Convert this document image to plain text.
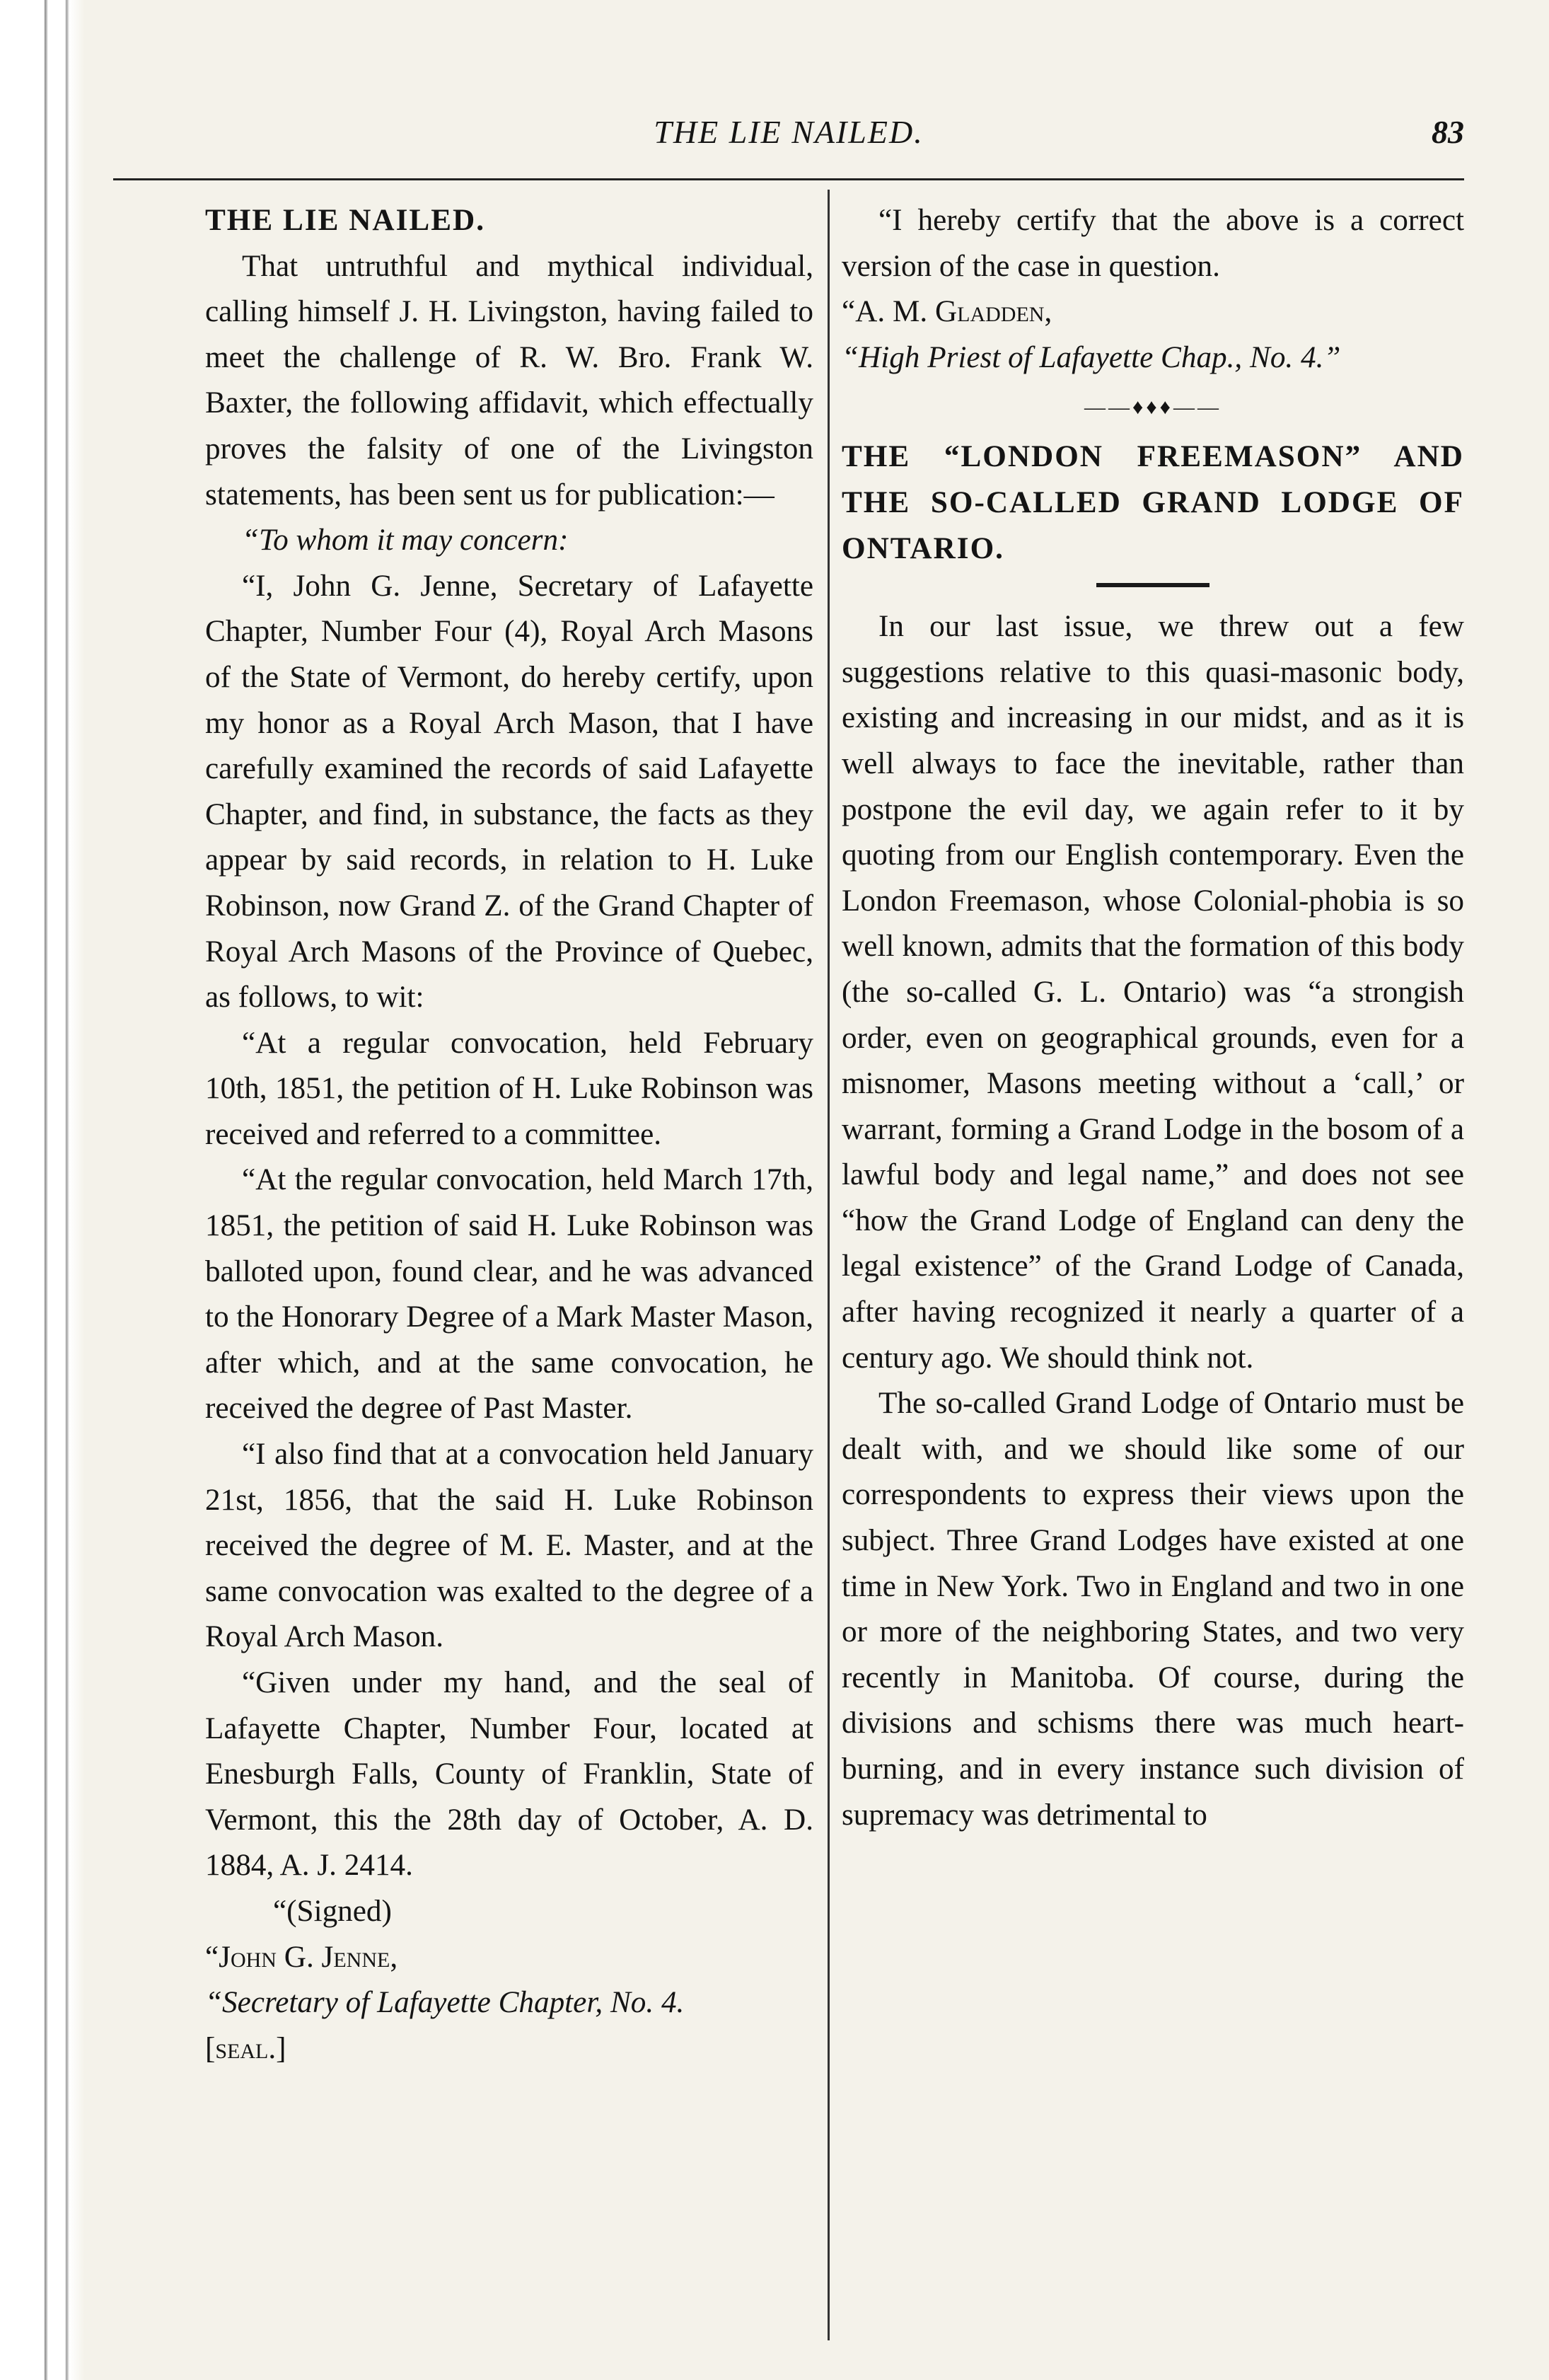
THE LIE NAILED.	83

THE LIE NAILED.

That untruthful and mythical individual, calling himself J. H. Livingston, having failed to meet the challenge of R. W. Bro. Frank W. Baxter, the following affidavit, which effectually proves the falsity of one of the Livingston statements, has been sent us for publication:—

“To whom it may concern:

“I, John G. Jenne, Secretary of Lafayette Chapter, Number Four (4), Royal Arch Masons of the State of Vermont, do hereby certify, upon my honor as a Royal Arch Mason, that I have carefully examined the records of said Lafayette Chapter, and find, in substance, the facts as they appear by said records, in relation to H. Luke Robinson, now Grand Z. of the Grand Chapter of Royal Arch Masons of the Province of Quebec, as follows, to wit:

“At a regular convocation, held February 10th, 1851, the petition of H. Luke Robinson was received and referred to a committee.

“At the regular convocation, held March 17th, 1851, the petition of said H. Luke Robinson was balloted upon, found clear, and he was advanced to the Honorary Degree of a Mark Master Mason, after which, and at the same convocation, he received the degree of Past Master.

“I also find that at a convocation held January 21st, 1856, that the said H. Luke Robinson received the degree of M. E. Master, and at the same convocation was exalted to the degree of a Royal Arch Mason.

“Given under my hand, and the seal of Lafayette Chapter, Number Four, located at Enesburgh Falls, County of Franklin, State of Vermont, this the 28th day of October, A. D. 1884, A. J. 2414.

“(Signed)

“John G. Jenne,

“Secretary of Lafayette Chapter, No. 4.

[seal.]

“I hereby certify that the above is a correct version of the case in question.

“A. M. Gladden,

“High Priest of Lafayette Chap., No. 4.”

——♦♦♦——

THE “LONDON FREEMASON” AND THE SO-CALLED GRAND LODGE OF ONTARIO.

In our last issue, we threw out a few suggestions relative to this quasi-masonic body, existing and increasing in our midst, and as it is well always to face the inevitable, rather than postpone the evil day, we again refer to it by quoting from our English contemporary. Even the London Freemason, whose Colonial-phobia is so well known, admits that the formation of this body (the so-called G. L. Ontario) was “a strongish order, even on geographical grounds, even for a misnomer, Masons meeting without a ‘call,’ or warrant, forming a Grand Lodge in the bosom of a lawful body and legal name,” and does not see “how the Grand Lodge of England can deny the legal existence” of the Grand Lodge of Canada, after having recognized it nearly a quarter of a century ago. We should think not.

The so-called Grand Lodge of Ontario must be dealt with, and we should like some of our correspondents to express their views upon the subject. Three Grand Lodges have existed at one time in New York. Two in England and two in one or more of the neighboring States, and two very recently in Manitoba. Of course, during the divisions and schisms there was much heart-burning, and in every instance such division of supremacy was detrimental to
